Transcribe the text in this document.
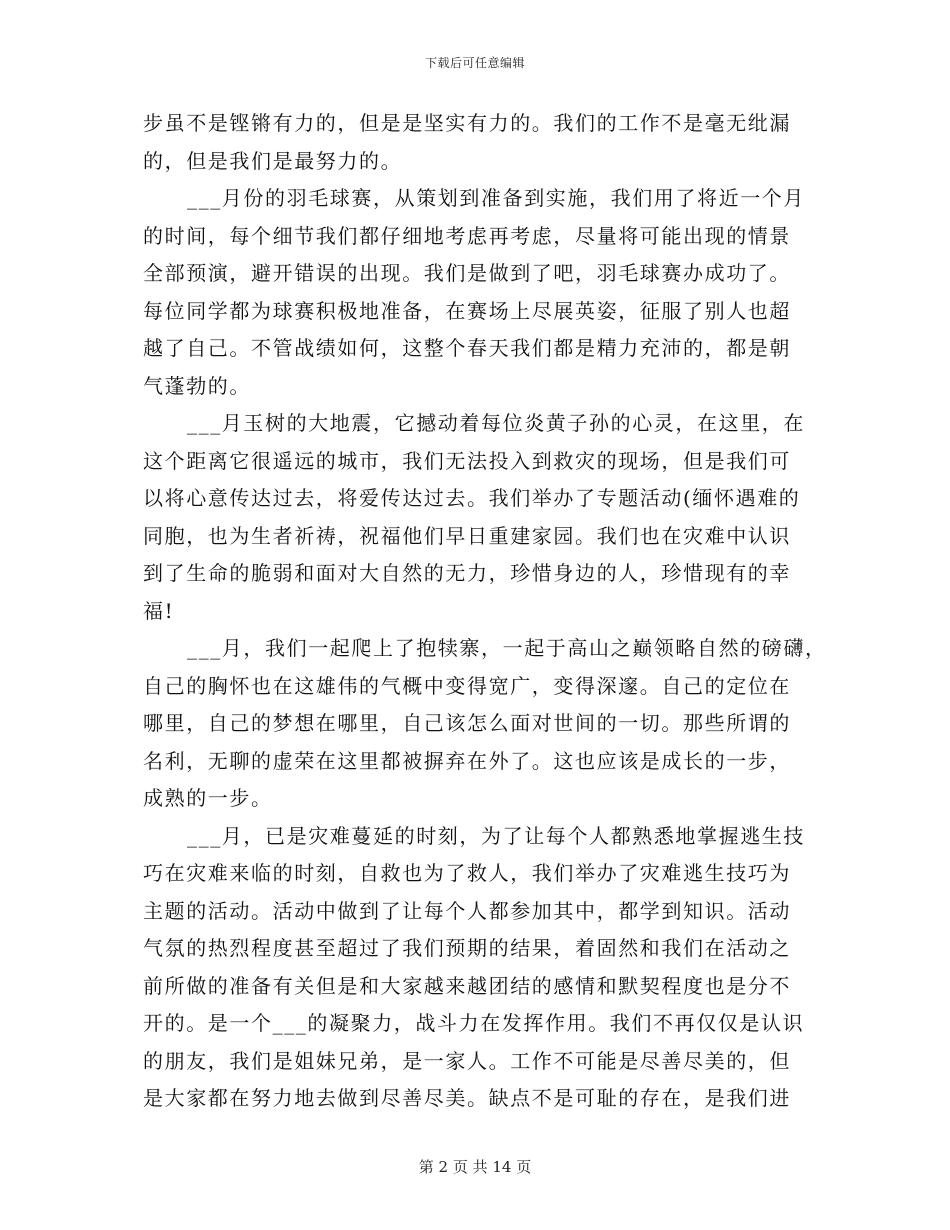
下载后可任意编辑
步虽不是铿锵有力的，但是是坚实有力的。我们的工作不是毫无纰漏
的，但是我们是最努力的。
___月份的羽毛球赛，从策划到准备到实施，我们用了将近一个月
的时间，每个细节我们都仔细地考虑再考虑，尽量将可能出现的情景
全部预演，避开错误的出现。我们是做到了吧，羽毛球赛办成功了。
每位同学都为球赛积极地准备，在赛场上尽展英姿，征服了别人也超
越了自己。不管战绩如何，这整个春天我们都是精力充沛的，都是朝
气蓬勃的。
___月玉树的大地震，它撼动着每位炎黄子孙的心灵，在这里，在
这个距离它很遥远的城市，我们无法投入到救灾的现场，但是我们可
以将心意传达过去，将爱传达过去。我们举办了专题活动(缅怀遇难的
同胞，也为生者祈祷，祝福他们早日重建家园。我们也在灾难中认识
到了生命的脆弱和面对大自然的无力，珍惜身边的人，珍惜现有的幸
福!
___月，我们一起爬上了抱犊寨，一起于高山之巅领略自然的磅礴，
自己的胸怀也在这雄伟的气概中变得宽广，变得深邃。自己的定位在
哪里，自己的梦想在哪里，自己该怎么面对世间的一切。那些所谓的
名利，无聊的虚荣在这里都被摒弃在外了。这也应该是成长的一步，
成熟的一步。
___月，已是灾难蔓延的时刻，为了让每个人都熟悉地掌握逃生技
巧在灾难来临的时刻，自救也为了救人，我们举办了灾难逃生技巧为
主题的活动。活动中做到了让每个人都参加其中，都学到知识。活动
气氛的热烈程度甚至超过了我们预期的结果，着固然和我们在活动之
前所做的准备有关但是和大家越来越团结的感情和默契程度也是分不
开的。是一个___的凝聚力，战斗力在发挥作用。我们不再仅仅是认识
的朋友，我们是姐妹兄弟，是一家人。工作不可能是尽善尽美的，但
是大家都在努力地去做到尽善尽美。缺点不是可耻的存在，是我们进
第 2 页 共 14 页
